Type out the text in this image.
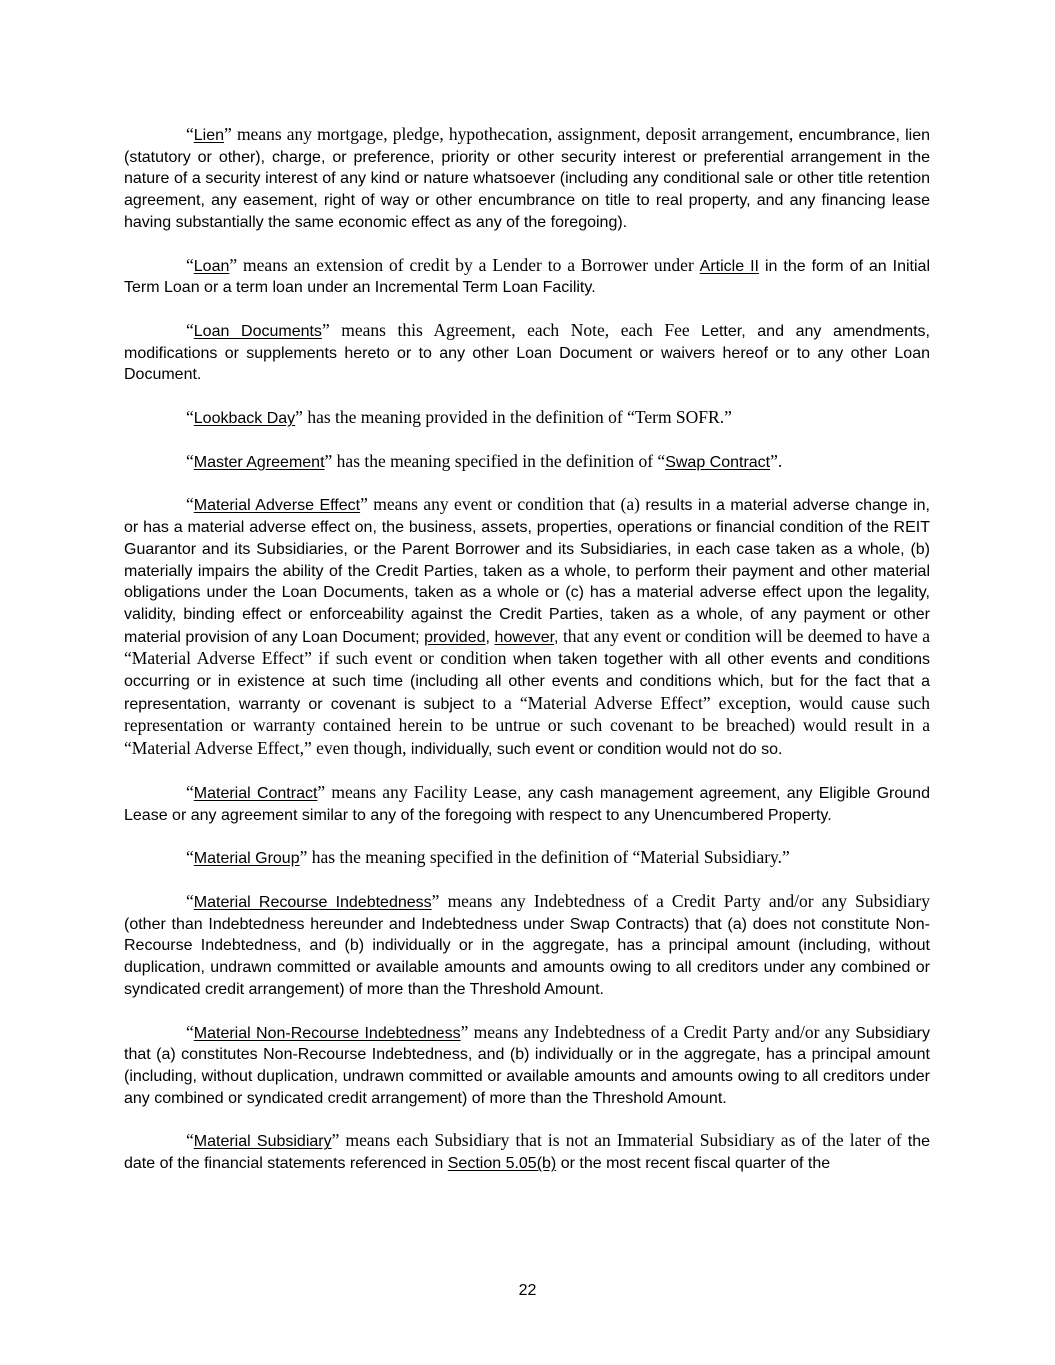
“Lien” means any mortgage, pledge, hypothecation, assignment, deposit arrangement, encumbrance, lien (statutory or other), charge, or preference, priority or other security interest or preferential arrangement in the nature of a security interest of any kind or nature whatsoever (including any conditional sale or other title retention agreement, any easement, right of way or other encumbrance on title to real property, and any financing lease having substantially the same economic effect as any of the foregoing).

“Loan” means an extension of credit by a Lender to a Borrower under Article II in the form of an Initial Term Loan or a term loan under an Incremental Term Loan Facility.

“Loan Documents” means this Agreement, each Note, each Fee Letter, and any amendments, modifications or supplements hereto or to any other Loan Document or waivers hereof or to any other Loan Document.

“Lookback Day” has the meaning provided in the definition of “Term SOFR.”

“Master Agreement” has the meaning specified in the definition of “Swap Contract”.

“Material Adverse Effect” means any event or condition that (a) results in a material adverse change in, or has a material adverse effect on, the business, assets, properties, operations or financial condition of the REIT Guarantor and its Subsidiaries, or the Parent Borrower and its Subsidiaries, in each case taken as a whole, (b) materially impairs the ability of the Credit Parties, taken as a whole, to perform their payment and other material obligations under the Loan Documents, taken as a whole or (c) has a material adverse effect upon the legality, validity, binding effect or enforceability against the Credit Parties, taken as a whole, of any payment or other material provision of any Loan Document; provided, however, that any event or condition will be deemed to have a “Material Adverse Effect” if such event or condition when taken together with all other events and conditions occurring or in existence at such time (including all other events and conditions which, but for the fact that a representation, warranty or covenant is subject to a “Material Adverse Effect” exception, would cause such representation or warranty contained herein to be untrue or such covenant to be breached) would result in a “Material Adverse Effect,” even though, individually, such event or condition would not do so.

“Material Contract” means any Facility Lease, any cash management agreement, any Eligible Ground Lease or any agreement similar to any of the foregoing with respect to any Unencumbered Property.

“Material Group” has the meaning specified in the definition of “Material Subsidiary.”

“Material Recourse Indebtedness” means any Indebtedness of a Credit Party and/or any Subsidiary (other than Indebtedness hereunder and Indebtedness under Swap Contracts) that (a) does not constitute Non-Recourse Indebtedness, and (b) individually or in the aggregate, has a principal amount (including, without duplication, undrawn committed or available amounts and amounts owing to all creditors under any combined or syndicated credit arrangement) of more than the Threshold Amount.

“Material Non-Recourse Indebtedness” means any Indebtedness of a Credit Party and/or any Subsidiary that (a) constitutes Non-Recourse Indebtedness, and (b) individually or in the aggregate, has a principal amount (including, without duplication, undrawn committed or available amounts and amounts owing to all creditors under any combined or syndicated credit arrangement) of more than the Threshold Amount.

“Material Subsidiary” means each Subsidiary that is not an Immaterial Subsidiary as of the later of the date of the financial statements referenced in Section 5.05(b) or the most recent fiscal quarter of the

22
